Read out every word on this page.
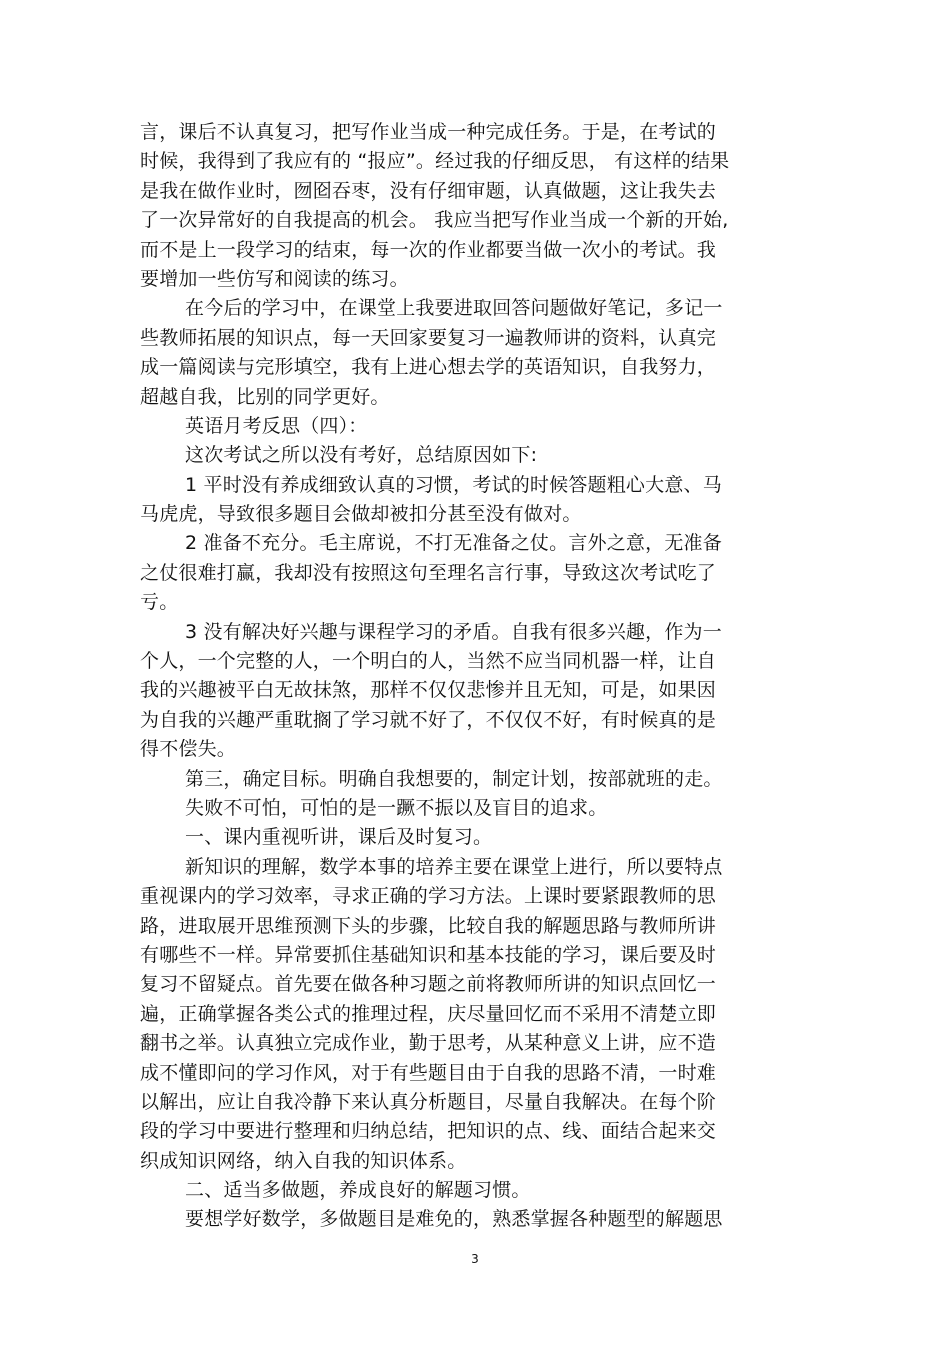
言，课后不认真复习，把写作业当成一种完成任务。于是，在考试的
时候，我得到了我应有的 “报应”。经过我的仔细反思， 有这样的结果
是我在做作业时，囫囵吞枣，没有仔细审题，认真做题，这让我失去
了一次异常好的自我提高的机会。 我应当把写作业当成一个新的开始,
而不是上一段学习的结束，每一次的作业都要当做一次小的考试。我
要增加一些仿写和阅读的练习。
在今后的学习中，在课堂上我要进取回答问题做好笔记，多记一
些教师拓展的知识点，每一天回家要复习一遍教师讲的资料，认真完
成一篇阅读与完形填空，我有上进心想去学的英语知识，自我努力，
超越自我，比别的同学更好。
英语月考反思（四）：
这次考试之所以没有考好，总结原因如下:
1 平时没有养成细致认真的习惯，考试的时候答题粗心大意、马
马虎虎，导致很多题目会做却被扣分甚至没有做对。
2 准备不充分。毛主席说，不打无准备之仗。言外之意，无准备
之仗很难打赢，我却没有按照这句至理名言行事，导致这次考试吃了
亏。
3 没有解决好兴趣与课程学习的矛盾。自我有很多兴趣，作为一
个人，一个完整的人，一个明白的人，当然不应当同机器一样，让自
我的兴趣被平白无故抹煞，那样不仅仅悲惨并且无知，可是，如果因
为自我的兴趣严重耽搁了学习就不好了，不仅仅不好，有时候真的是
得不偿失。
第三，确定目标。明确自我想要的，制定计划，按部就班的走。
失败不可怕，可怕的是一蹶不振以及盲目的追求。
一、课内重视听讲，课后及时复习。
新知识的理解，数学本事的培养主要在课堂上进行，所以要特点
重视课内的学习效率，寻求正确的学习方法。上课时要紧跟教师的思
路，进取展开思维预测下头的步骤，比较自我的解题思路与教师所讲
有哪些不一样。异常要抓住基础知识和基本技能的学习，课后要及时
复习不留疑点。首先要在做各种习题之前将教师所讲的知识点回忆一
遍，正确掌握各类公式的推理过程，庆尽量回忆而不采用不清楚立即
翻书之举。认真独立完成作业，勤于思考，从某种意义上讲，应不造
成不懂即问的学习作风，对于有些题目由于自我的思路不清，一时难
以解出，应让自我冷静下来认真分析题目，尽量自我解决。在每个阶
段的学习中要进行整理和归纳总结，把知识的点、线、面结合起来交
织成知识网络，纳入自我的知识体系。
二、适当多做题，养成良好的解题习惯。
要想学好数学，多做题目是难免的，熟悉掌握各种题型的解题思
3
